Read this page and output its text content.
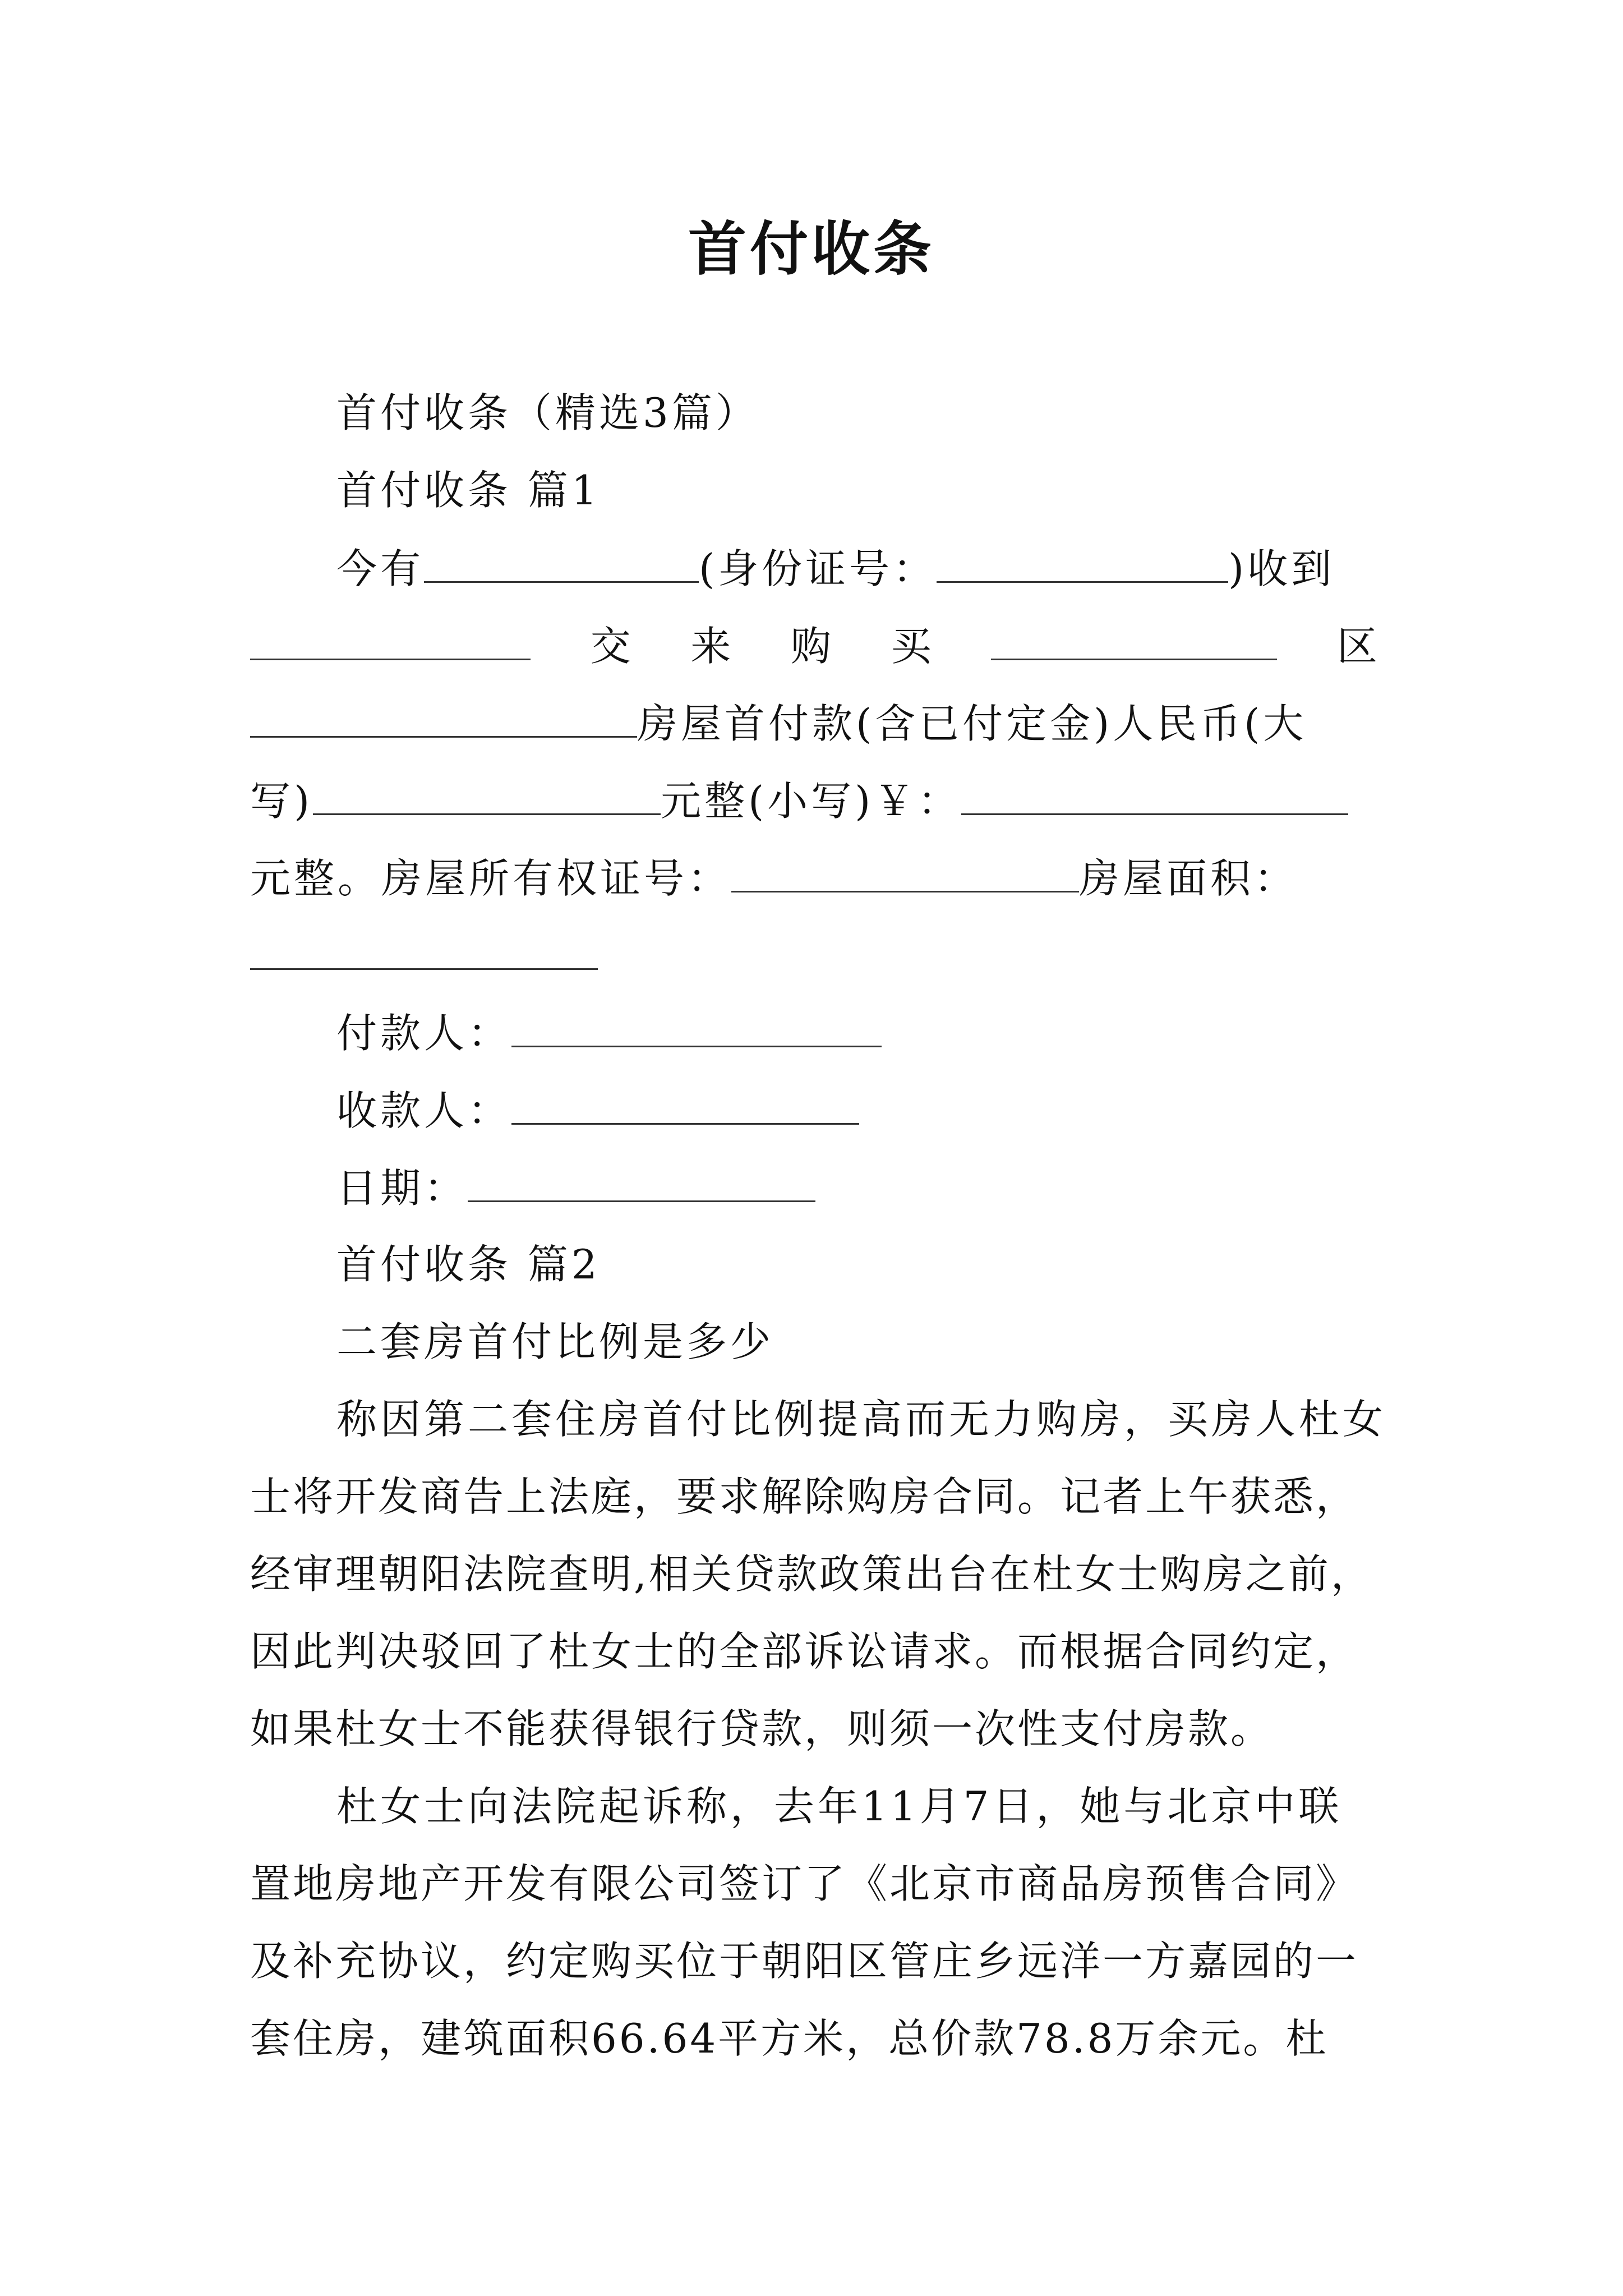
首付收条
首付收条（精选3篇）
首付收条 篇1
今有	(身份证号：	)收到
交 来 购 买	区
房屋首付款(含已付定金)人民币(大
写)	元整(小写)￥：
元整。房屋所有权证号：	房屋面积：
付款人：
收款人：
日期：
首付收条 篇2
二套房首付比例是多少
称因第二套住房首付比例提高而无力购房，买房人杜女
士将开发商告上法庭，要求解除购房合同。记者上午获悉，
经审理朝阳法院查明,相关贷款政策出台在杜女士购房之前，
因此判决驳回了杜女士的全部诉讼请求。而根据合同约定，
如果杜女士不能获得银行贷款，则须一次性支付房款。
杜女士向法院起诉称，去年11月7日，她与北京中联
置地房地产开发有限公司签订了《北京市商品房预售合同》
及补充协议，约定购买位于朝阳区管庄乡远洋一方嘉园的一
套住房，建筑面积66.64平方米，总价款78.8万余元。杜
